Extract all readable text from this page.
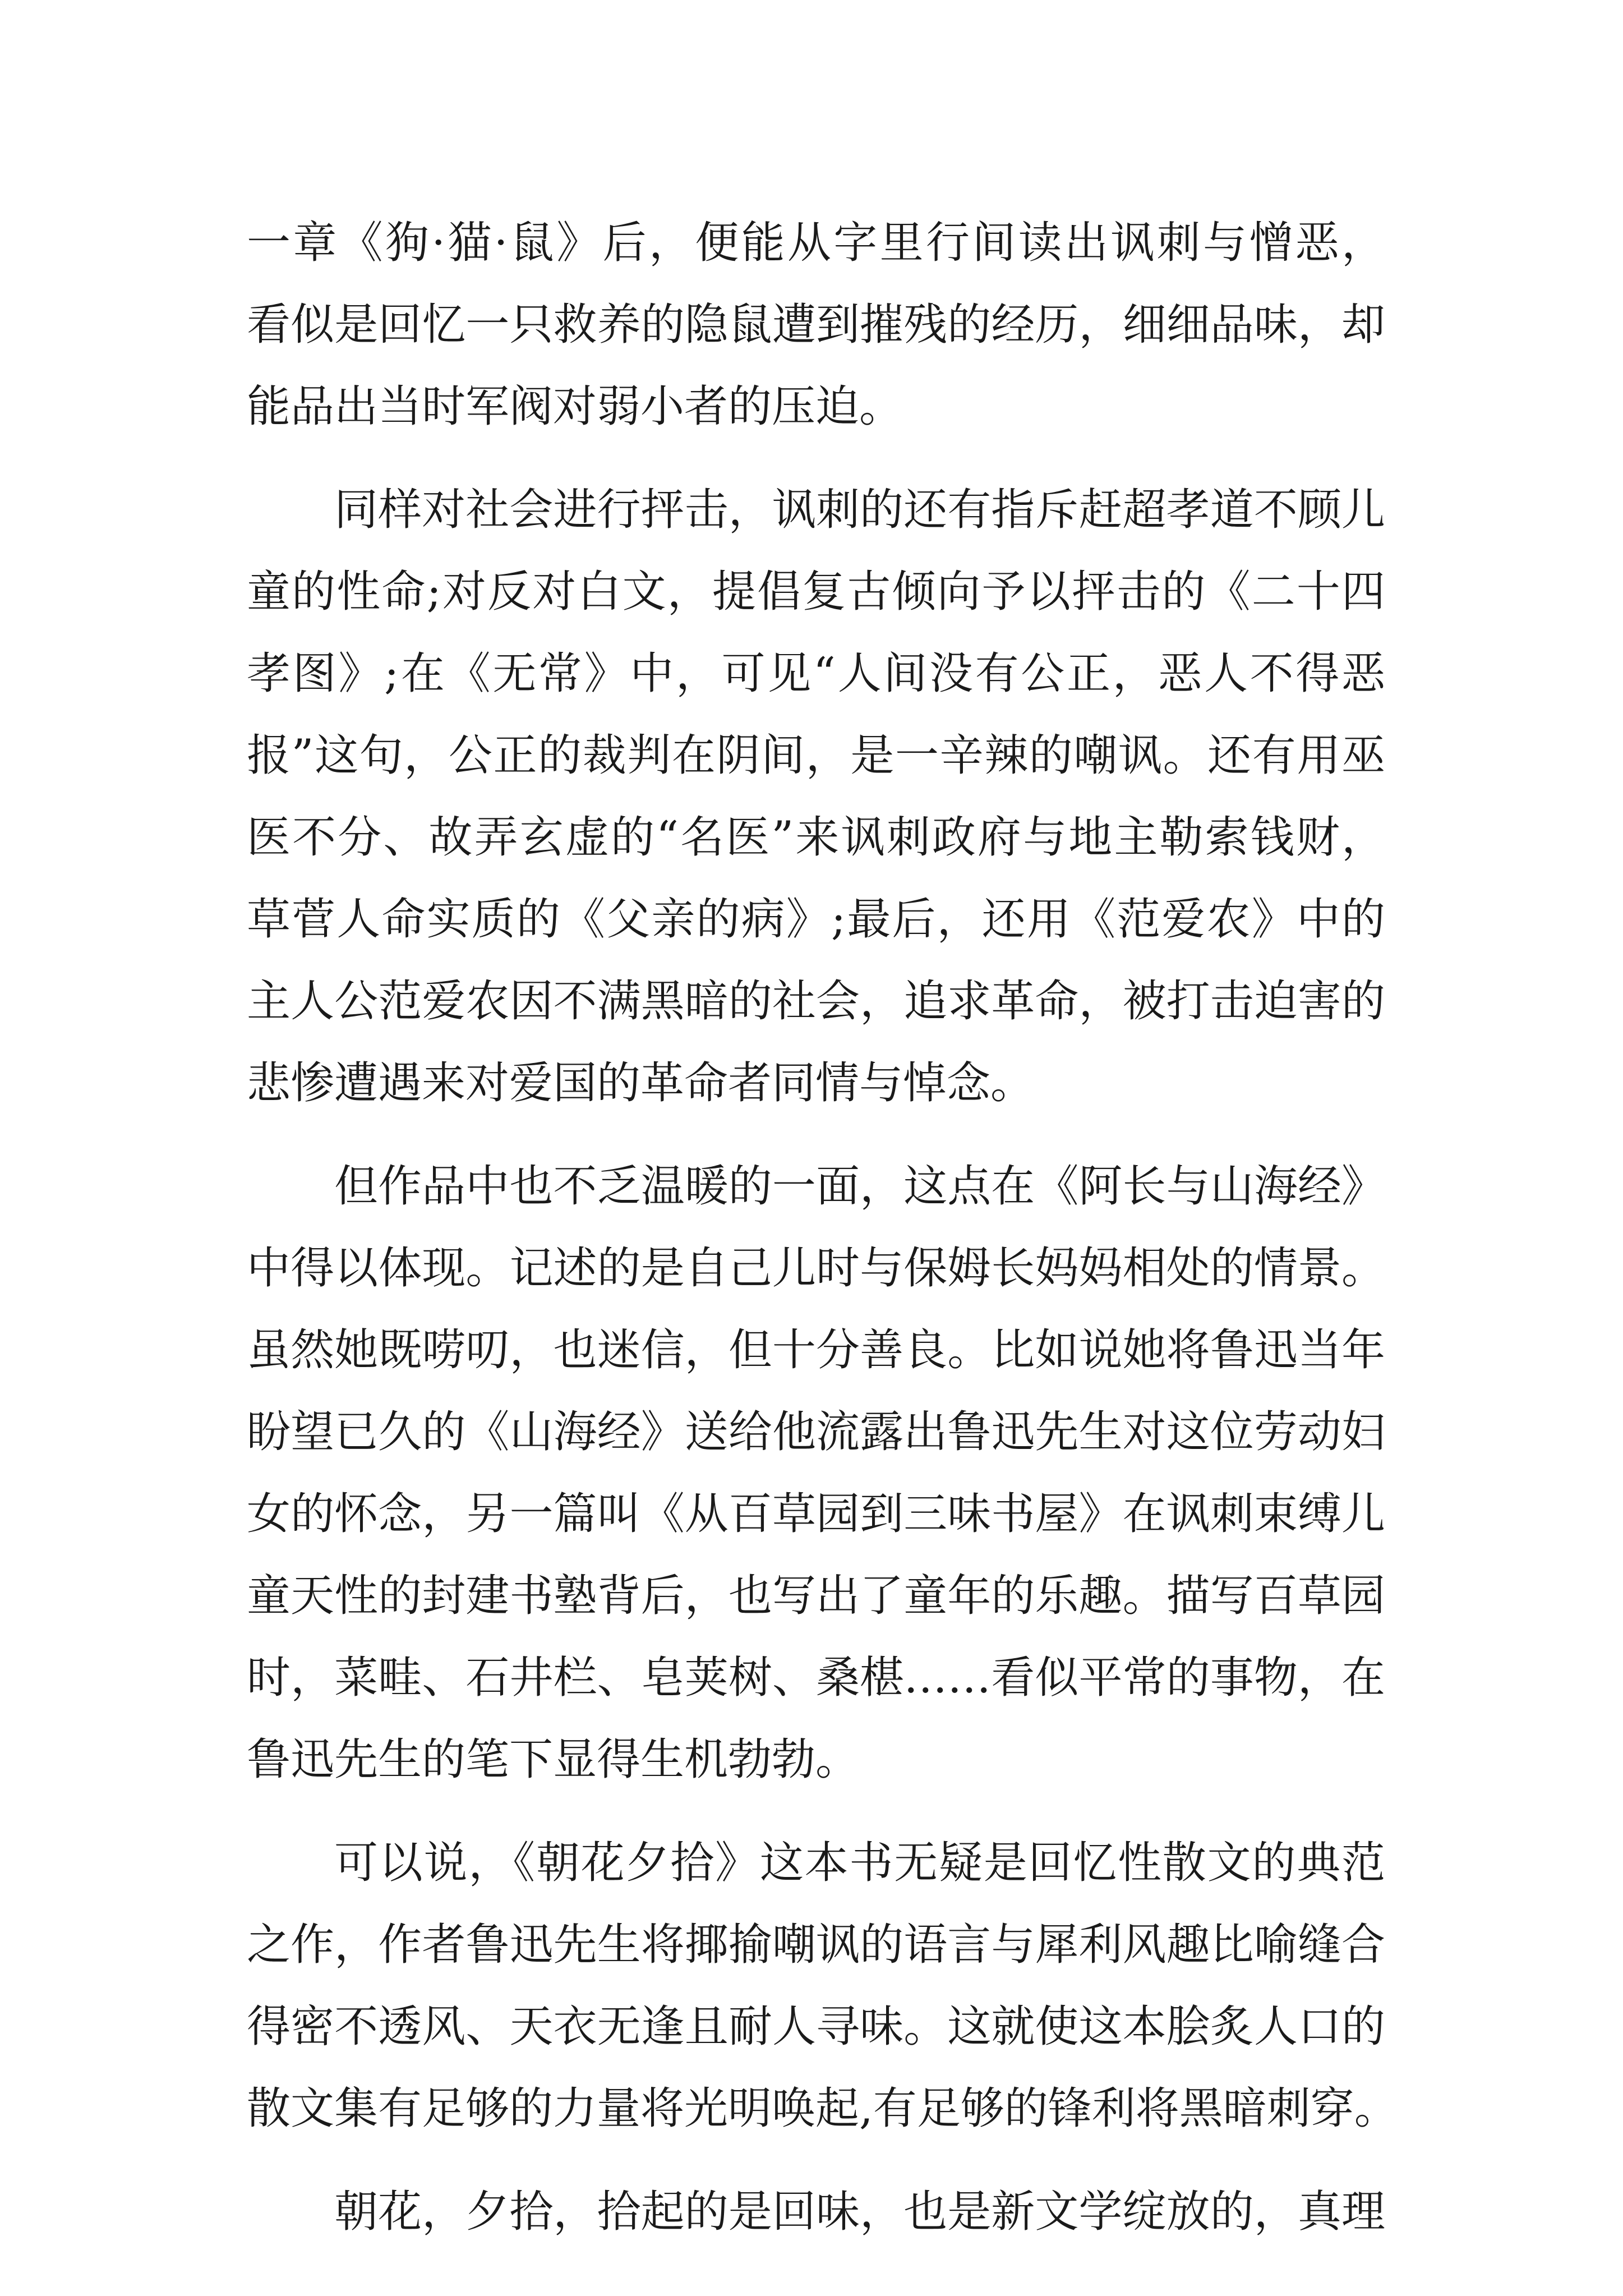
一章《狗·猫·鼠》后，便能从字里行间读出讽刺与憎恶，
看似是回忆一只救养的隐鼠遭到摧残的经历，细细品味，却
能品出当时军阀对弱小者的压迫。
同样对社会进行抨击，讽刺的还有指斥赶超孝道不顾儿
童的性命;对反对白文，提倡复古倾向予以抨击的《二十四
孝图》;在《无常》中，可见“人间没有公正，恶人不得恶
报”这句，公正的裁判在阴间，是一辛辣的嘲讽。还有用巫
医不分、故弄玄虚的“名医”来讽刺政府与地主勒索钱财，
草菅人命实质的《父亲的病》;最后，还用《范爱农》中的
主人公范爱农因不满黑暗的社会，追求革命，被打击迫害的
悲惨遭遇来对爱国的革命者同情与悼念。
但作品中也不乏温暖的一面，这点在《阿长与山海经》
中得以体现。记述的是自己儿时与保姆长妈妈相处的情景。
虽然她既唠叨，也迷信，但十分善良。比如说她将鲁迅当年
盼望已久的《山海经》送给他流露出鲁迅先生对这位劳动妇
女的怀念，另一篇叫《从百草园到三味书屋》在讽刺束缚儿
童天性的封建书塾背后，也写出了童年的乐趣。描写百草园
时，菜畦、石井栏、皂荚树、桑椹……看似平常的事物，在
鲁迅先生的笔下显得生机勃勃。
可以说，《朝花夕拾》这本书无疑是回忆性散文的典范
之作，作者鲁迅先生将揶揄嘲讽的语言与犀利风趣比喻缝合
得密不透风、天衣无逢且耐人寻味。这就使这本脍炙人口的
散文集有足够的力量将光明唤起,有足够的锋利将黑暗刺穿。
朝花，夕拾，拾起的是回味，也是新文学绽放的，真理
